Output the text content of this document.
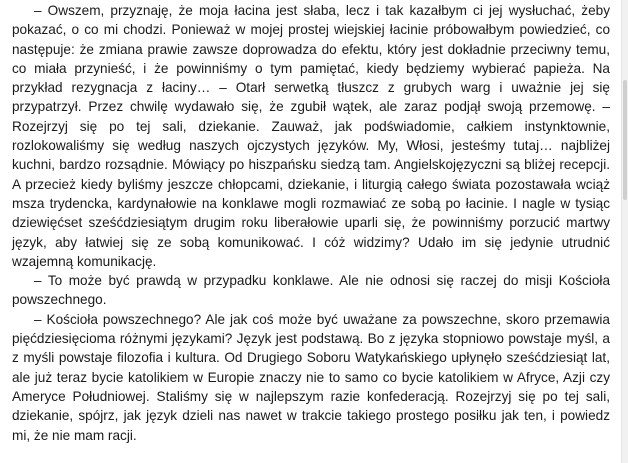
– Owszem, przyznaję, że moja łacina jest słaba, lecz i tak kazałbym ci jej wysłuchać, żeby pokazać, o co mi chodzi. Ponieważ w mojej prostej wiejskiej łacinie próbowałbym powiedzieć, co następuje: że zmiana prawie zawsze doprowadza do efektu, który jest dokładnie przeciwny temu, co miała przynieść, i że powinniśmy o tym pamiętać, kiedy będziemy wybierać papieża. Na przykład rezygnacja z łaciny… – Otarł serwetką tłuszcz z grubych warg i uważnie jej się przypatrzył. Przez chwilę wydawało się, że zgubił wątek, ale zaraz podjął swoją przemowę. – Rozejrzyj się po tej sali, dziekanie. Zauważ, jak podświadomie, całkiem instynktownie, rozlokowaliśmy się według naszych ojczystych języków. My, Włosi, jesteśmy tutaj… najbliżej kuchni, bardzo rozsądnie. Mówiący po hiszpańsku siedzą tam. Angielskojęzyczni są bliżej recepcji. A przecież kiedy byliśmy jeszcze chłopcami, dziekanie, i liturgią całego świata pozostawała wciąż msza trydencka, kardynałowie na konklawe mogli rozmawiać ze sobą po łacinie. I nagle w tysiąc dziewięćset sześćdziesiątym drugim roku liberałowie uparli się, że powinniśmy porzucić martwy język, aby łatwiej się ze sobą komunikować. I cóż widzimy? Udało im się jedynie utrudnić wzajemną komunikację.

– To może być prawdą w przypadku konklawe. Ale nie odnosi się raczej do misji Kościoła powszechnego.

– Kościoła powszechnego? Ale jak coś może być uważane za powszechne, skoro przemawia pięćdziesięcioma różnymi językami? Język jest podstawą. Bo z języka stopniowo powstaje myśl, a z myśli powstaje filozofia i kultura. Od Drugiego Soboru Watykańskiego upłynęło sześćdziesiąt lat, ale już teraz bycie katolikiem w Europie znaczy nie to samo co bycie katolikiem w Afryce, Azji czy Ameryce Południowej. Staliśmy się w najlepszym razie konfederacją. Rozejrzyj się po tej sali, dziekanie, spójrz, jak język dzieli nas nawet w trakcie takiego prostego posiłku jak ten, i powiedz mi, że nie mam racji.
